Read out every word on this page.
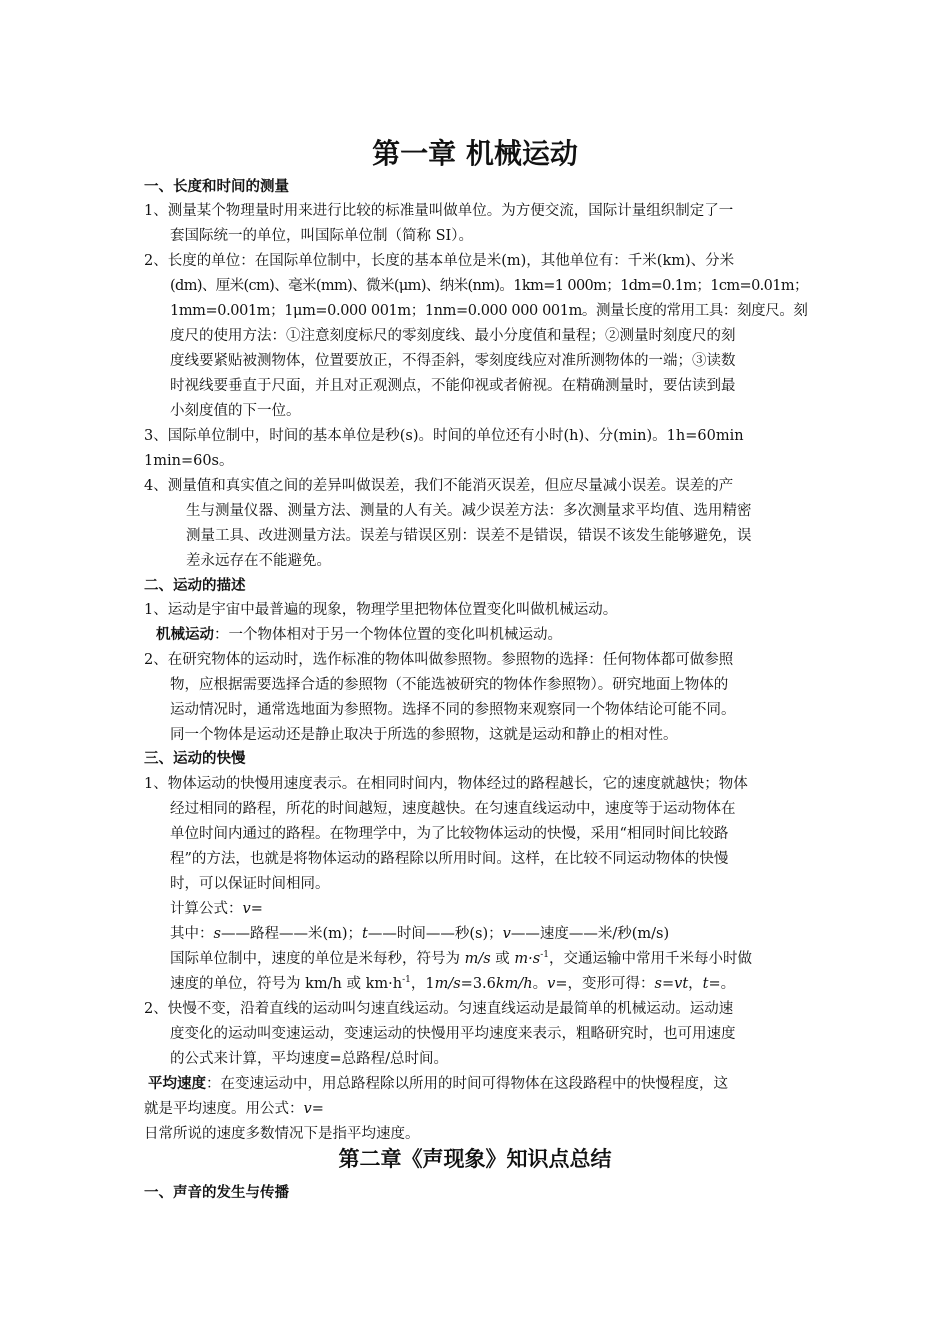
第一章 机械运动
一、长度和时间的测量
1、测量某个物理量时用来进行比较的标准量叫做单位。为方便交流，国际计量组织制定了一
套国际统一的单位，叫国际单位制（简称 SI）。
2、长度的单位：在国际单位制中，长度的基本单位是米(m)，其他单位有：千米(km)、分米
(dm)、厘米(cm)、毫米(mm)、微米(μm)、纳米(nm)。1km=1 000m；1dm=0.1m；1cm=0.01m；
1mm=0.001m；1μm=0.000 001m；1nm=0.000 000 001m。测量长度的常用工具：刻度尺。刻
度尺的使用方法：①注意刻度标尺的零刻度线、最小分度值和量程；②测量时刻度尺的刻
度线要紧贴被测物体，位置要放正，不得歪斜，零刻度线应对准所测物体的一端；③读数
时视线要垂直于尺面，并且对正观测点，不能仰视或者俯视。在精确测量时，要估读到最
小刻度值的下一位。
3、国际单位制中，时间的基本单位是秒(s)。时间的单位还有小时(h)、分(min)。1h=60min
1min=60s。
4、测量值和真实值之间的差异叫做误差，我们不能消灭误差，但应尽量减小误差。误差的产
生与测量仪器、测量方法、测量的人有关。减少误差方法：多次测量求平均值、选用精密
测量工具、改进测量方法。误差与错误区别：误差不是错误，错误不该发生能够避免，误
差永远存在不能避免。
二、运动的描述
1、运动是宇宙中最普遍的现象，物理学里把物体位置变化叫做机械运动。
机械运动：一个物体相对于另一个物体位置的变化叫机械运动。
2、在研究物体的运动时，选作标准的物体叫做参照物。参照物的选择：任何物体都可做参照
物，应根据需要选择合适的参照物（不能选被研究的物体作参照物）。研究地面上物体的
运动情况时，通常选地面为参照物。选择不同的参照物来观察同一个物体结论可能不同。
同一个物体是运动还是静止取决于所选的参照物，这就是运动和静止的相对性。
三、运动的快慢
1、物体运动的快慢用速度表示。在相同时间内，物体经过的路程越长，它的速度就越快；物体
经过相同的路程，所花的时间越短，速度越快。在匀速直线运动中，速度等于运动物体在
单位时间内通过的路程。在物理学中，为了比较物体运动的快慢，采用“相同时间比较路
程”的方法，也就是将物体运动的路程除以所用时间。这样，在比较不同运动物体的快慢
时，可以保证时间相同。
计算公式：v=
其中：s——路程——米(m)；t——时间——秒(s)；v——速度——米/秒(m/s)
国际单位制中，速度的单位是米每秒，符号为 m/s 或 $m\cdot s^{-1}$，交通运输中常用千米每小时做
速度的单位，符号为 km/h 或 $km\cdot h^{-1}$，1m/s=3.6km/h。v=，变形可得：s=vt，t=。
2、快慢不变，沿着直线的运动叫匀速直线运动。匀速直线运动是最简单的机械运动。运动速
度变化的运动叫变速运动，变速运动的快慢用平均速度来表示，粗略研究时，也可用速度
的公式来计算，平均速度=总路程/总时间。
平均速度：在变速运动中，用总路程除以所用的时间可得物体在这段路程中的快慢程度，这
就是平均速度。用公式：v=
日常所说的速度多数情况下是指平均速度。
第二章《声现象》知识点总结
一、声音的发生与传播
